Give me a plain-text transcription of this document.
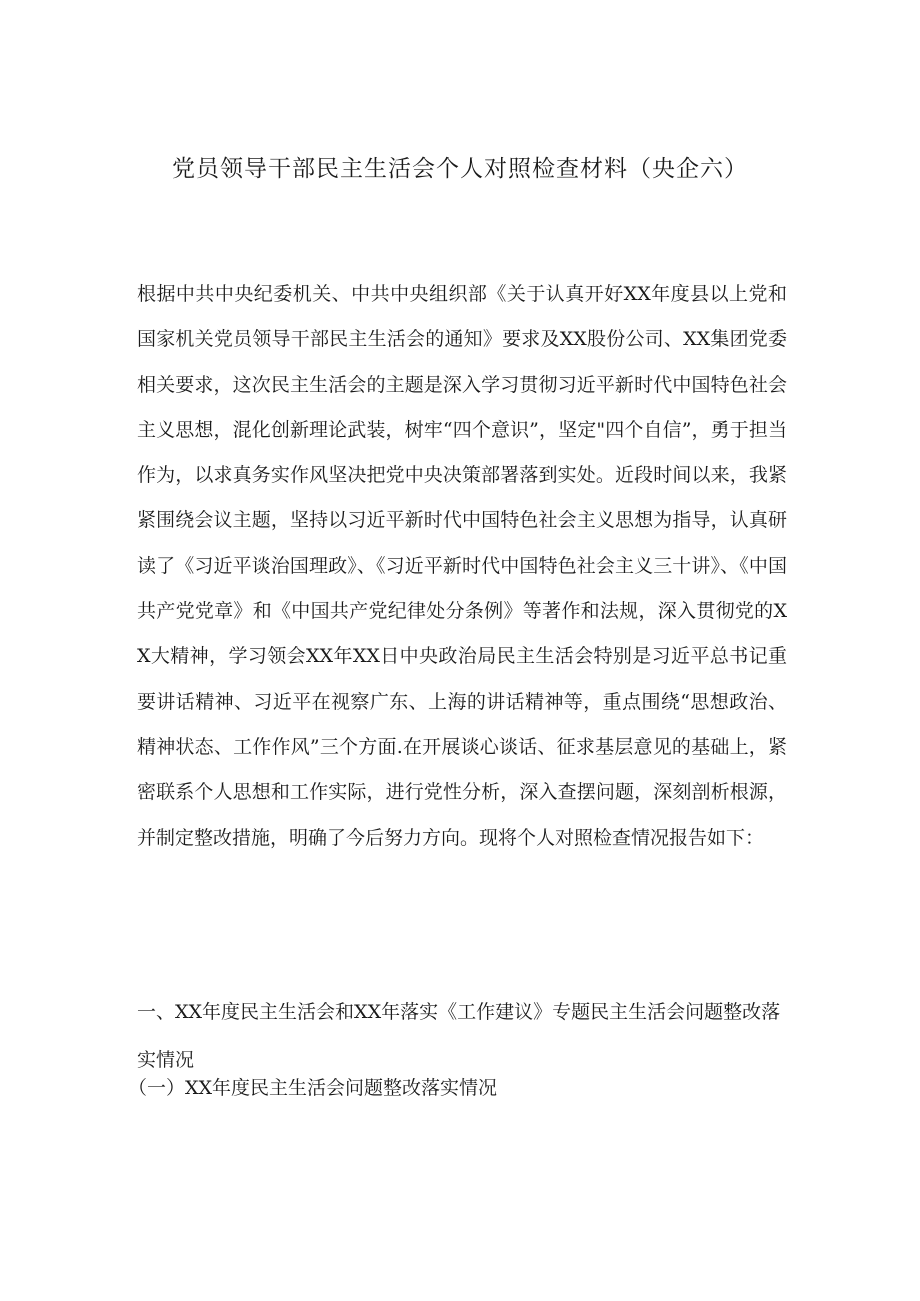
党员领导干部民主生活会个人对照检查材料（央企六）

根据中共中央纪委机关、中共中央组织部《关于认真开好XX年度县以上党和国家机关党员领导干部民主生活会的通知》要求及XX股份公司、XX集团党委相关要求，这次民主生活会的主题是深入学习贯彻习近平新时代中国特色社会主义思想，混化创新理论武装，树牢“四个意识”，坚定"四个自信”，勇于担当作为，以求真务实作风坚决把党中央决策部署落到实处。近段时间以来，我紧紧围绕会议主题，坚持以习近平新时代中国特色社会主义思想为指导，认真研读了《习近平谈治国理政》、《习近平新时代中国特色社会主义三十讲》、《中国共产党党章》和《中国共产党纪律处分条例》等著作和法规，深入贯彻党的XX大精神，学习领会XX年XX日中央政治局民主生活会特别是习近平总书记重要讲话精神、习近平在视察广东、上海的讲话精神等，重点围绕“思想政治、精神状态、工作作风”三个方面.在开展谈心谈话、征求基层意见的基础上，紧密联系个人思想和工作实际，进行党性分析，深入查摆问题，深刻剖析根源，并制定整改措施，明确了今后努力方向。现将个人对照检查情况报告如下：

一、XX年度民主生活会和XX年落实《工作建议》专题民主生活会问题整改落实情况

（一）XX年度民主生活会问题整改落实情况
